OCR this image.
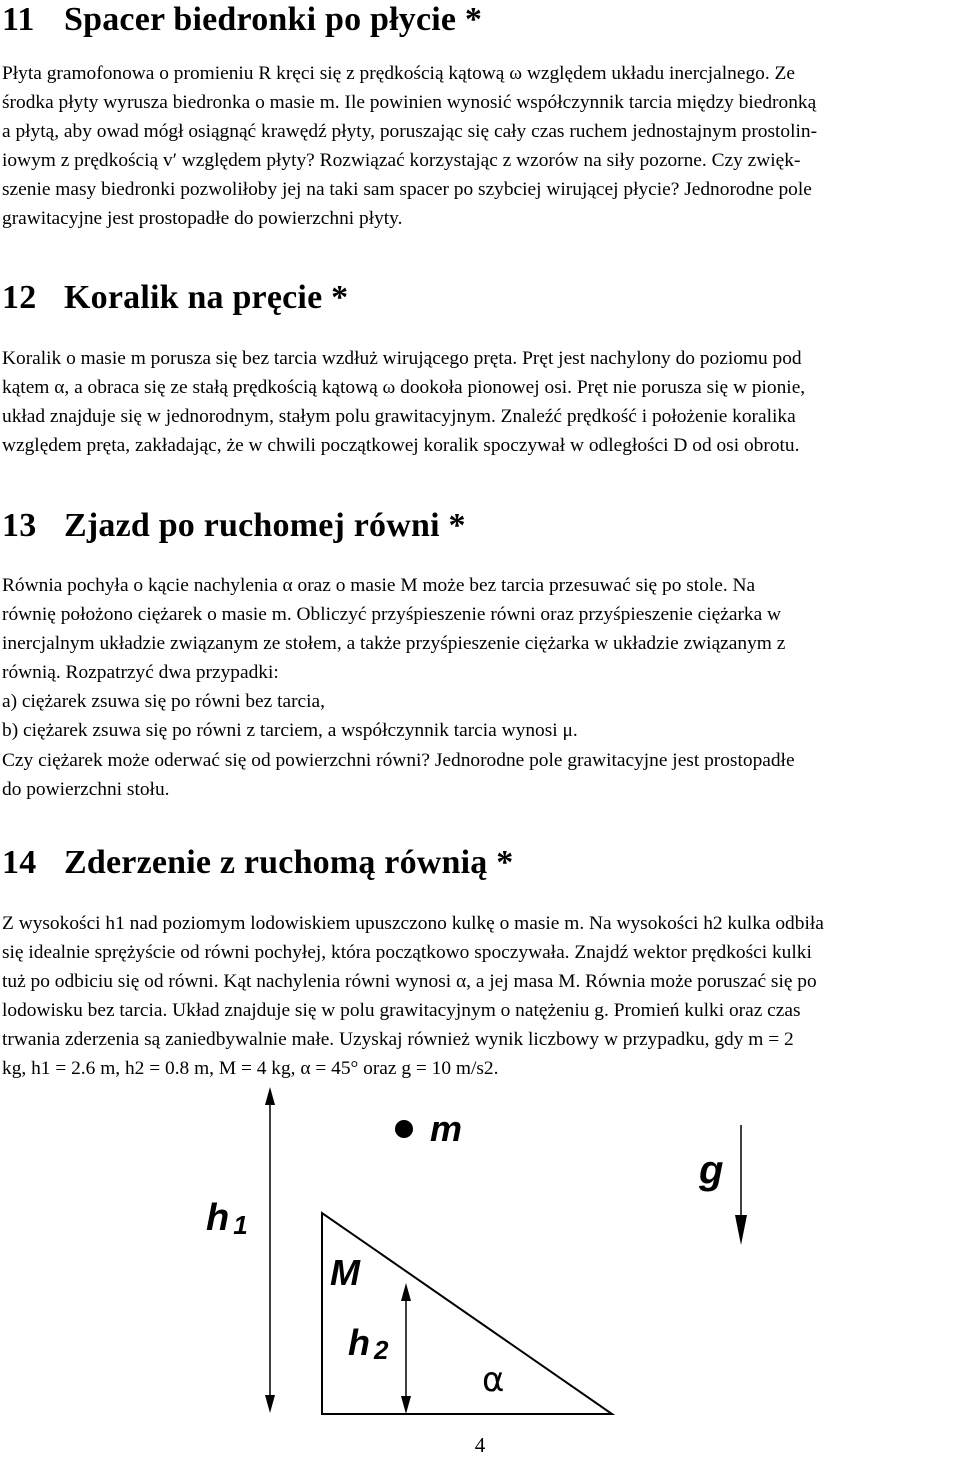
11 Spacer biedronki po płycie *

Płyta gramofonowa o promieniu R kręci się z prędkością kątową ω względem układu inercjalnego. Ze
środka płyty wyrusza biedronka o masie m. Ile powinien wynosić współczynnik tarcia między biedronką
a płytą, aby owad mógł osiągnąć krawędź płyty, poruszając się cały czas ruchem jednostajnym prostolin-
iowym z prędkością v′ względem płyty? Rozwiązać korzystając z wzorów na siły pozorne. Czy zwięk-
szenie masy biedronki pozwoliłoby jej na taki sam spacer po szybciej wirującej płycie? Jednorodne pole
grawitacyjne jest prostopadłe do powierzchni płyty.

12 Koralik na pręcie *

Koralik o masie m porusza się bez tarcia wzdłuż wirującego pręta. Pręt jest nachylony do poziomu pod
kątem α, a obraca się ze stałą prędkością kątową ω dookoła pionowej osi. Pręt nie porusza się w pionie,
układ znajduje się w jednorodnym, stałym polu grawitacyjnym. Znaleźć prędkość i położenie koralika
względem pręta, zakładając, że w chwili początkowej koralik spoczywał w odległości D od osi obrotu.

13 Zjazd po ruchomej równi *

Równia pochyła o kącie nachylenia α oraz o masie M może bez tarcia przesuwać się po stole. Na
równię położono ciężarek o masie m. Obliczyć przyśpieszenie równi oraz przyśpieszenie ciężarka w
inercjalnym układzie związanym ze stołem, a także przyśpieszenie ciężarka w układzie związanym z
równią. Rozpatrzyć dwa przypadki:
a) ciężarek zsuwa się po równi bez tarcia,
b) ciężarek zsuwa się po równi z tarciem, a współczynnik tarcia wynosi μ.
Czy ciężarek może oderwać się od powierzchni równi? Jednorodne pole grawitacyjne jest prostopadłe
do powierzchni stołu.

14 Zderzenie z ruchomą równią *

Z wysokości h1 nad poziomym lodowiskiem upuszczono kulkę o masie m. Na wysokości h2 kulka odbiła
się idealnie sprężyście od równi pochyłej, która początkowo spoczywała. Znajdź wektor prędkości kulki
tuż po odbiciu się od równi. Kąt nachylenia równi wynosi α, a jej masa M. Równia może poruszać się po
lodowisku bez tarcia. Układ znajduje się w polu grawitacyjnym o natężeniu g. Promień kulki oraz czas
trwania zderzenia są zaniedbywalnie małe. Uzyskaj również wynik liczbowy w przypadku, gdy m = 2
kg, h1 = 2.6 m, h2 = 0.8 m, M = 4 kg, α = 45° oraz g = 10 m/s2.

h 1
m
M
h 2
α
g
4
